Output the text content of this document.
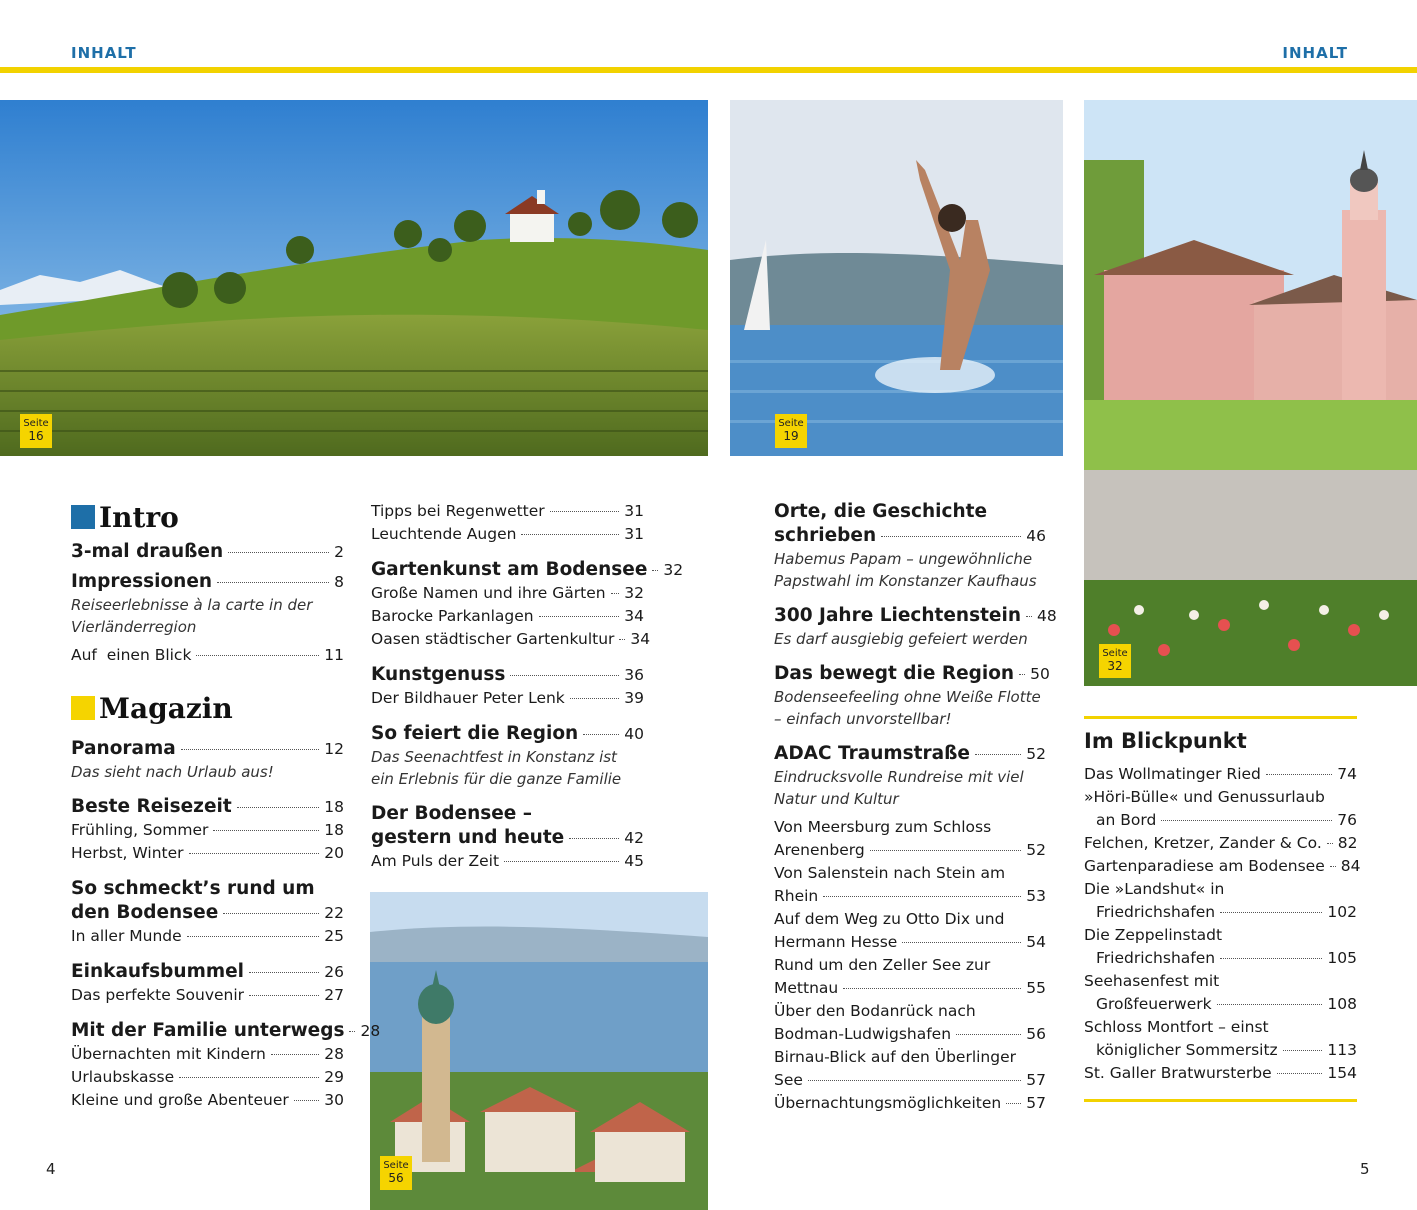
INHALT	INHALT
Seite
16
Seite
19
Seite
32
Seite
56
Intro
3-mal draußen	2
Impressionen	8
Reiseerlebnisse à la carte in der Vierländerregion
Auf  einen Blick	11
Magazin
Panorama	12
Das sieht nach Urlaub aus!
Beste Reisezeit	18
Frühling, Sommer	18
Herbst, Winter	20
So schmeckt’s rund um
den Bodensee	22
In aller Munde	25
Einkaufsbummel	26
Das perfekte Souvenir	27
Mit der Familie unterwegs 28
Übernachten mit Kindern	28
Urlaubskasse	29
Kleine und große Abenteuer 30
Tipps bei Regenwetter	31
Leuchtende Augen	31
Gartenkunst am Bodensee 32
Große Namen und ihre Gärten 32
Barocke Parkanlagen	34
Oasen städtischer Gartenkultur 34
Kunstgenuss	36
Der Bildhauer Peter Lenk	39
So feiert die Region	40
Das Seenachtfest in Konstanz ist ein Erlebnis für die ganze Familie
Der Bodensee –
gestern und heute	42
Am Puls der Zeit	45
Orte, die Geschichte
schrieben	46
Habemus Papam – ungewöhnliche Papstwahl im Konstanzer Kaufhaus
300 Jahre Liechtenstein 48
Es darf ausgiebig gefeiert werden
Das bewegt die Region 50
Bodenseefeeling ohne Weiße Flotte – einfach unvorstellbar!
ADAC Traumstraße	52
Eindrucksvolle Rundreise mit viel Natur und Kultur
Von Meersburg zum Schloss
Arenenberg	52
Von Salenstein nach Stein am
Rhein	53
Auf dem Weg zu Otto Dix und
Hermann Hesse	54
Rund um den Zeller See zur
Mettnau	55
Über den Bodanrück nach
Bodman-Ludwigshafen	56
Birnau-Blick auf den Überlinger
See	57
Übernachtungsmöglichkeiten 57
Im Blickpunkt
Das Wollmatinger Ried	74
»Höri-Bülle« und Genussurlaub
an Bord	76
Felchen, Kretzer, Zander & Co. 82
Gartenparadiese am Bodensee 84
Die »Landshut« in
Friedrichshafen	102
Die Zeppelinstadt
Friedrichshafen	105
Seehasenfest mit
Großfeuerwerk	108
Schloss Montfort – einst
königlicher Sommersitz	113
St. Galler Bratwursterbe	154
4	5
